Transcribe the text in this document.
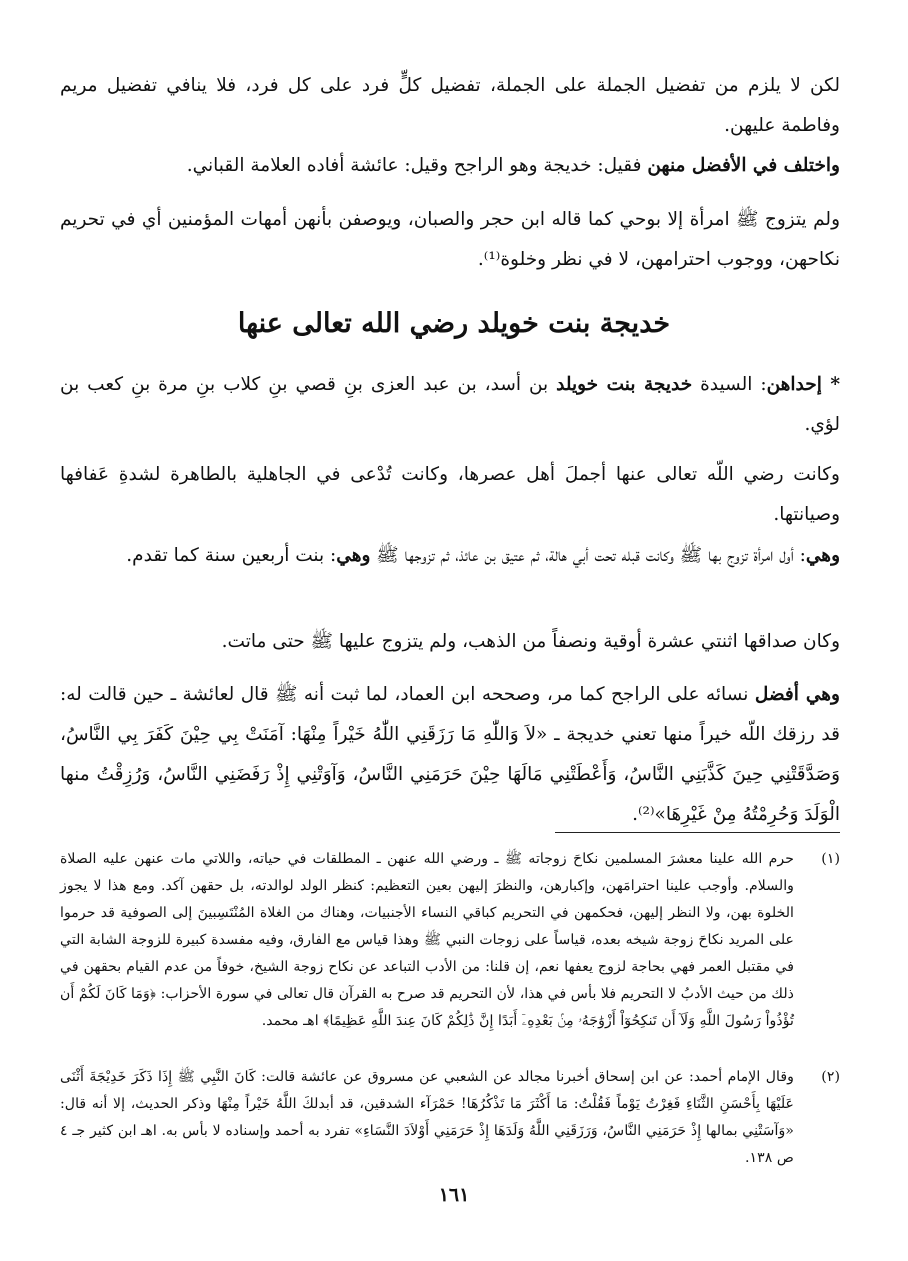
لكن لا يلزم من تفضيل الجملة على الجملة، تفضيل كلٍّ فرد على كل فرد، فلا ينافي تفضيل مريم وفاطمة عليهن.

واختلف في الأفضل منهن فقيل: خديجة وهو الراجح وقيل: عائشة أفاده العلامة القباني.

ولم يتزوج ﷺ امرأة إلا بوحي كما قاله ابن حجر والصبان، ويوصفن بأنهن أمهات المؤمنين أي في تحريم نكاحهن، ووجوب احترامهن، لا في نظر وخلوة⁽¹⁾.

خديجة بنت خويلد رضي الله تعالى عنها

* إحداهن: السيدة خديجة بنت خويلد بن أسد، بن عبد العزى بنِ قصي بنِ كلاب بنِ مرة بنِ كعب بن لؤي.

وكانت رضي اللّه تعالى عنها أجملَ أهل عصرها، وكانت تُدْعى في الجاهلية بالطاهرة لشدةِ عَفافها وصيانتها.

وهي: أول امرأة تزوج بها ﷺ وكانت قبله تحت أبي هالة، ثم عتيق بن عائذ، ثم تزوجها ﷺ وهي: بنت أربعين سنة كما تقدم.

وكان صداقها اثنتي عشرة أوقية ونصفاً من الذهب، ولم يتزوج عليها ﷺ حتى ماتت.

وهي أفضل نسائه على الراجح كما مر، وصححه ابن العماد، لما ثبت أنه ﷺ قال لعائشة ـ حين قالت له: قد رزقك اللّه خيراً منها تعني خديجة ـ «لاَ وَاللّٰهِ مَا رَزَقَنِي اللّٰهُ خَيْراً مِنْهَا: آمَنَتْ بِي حِيْنَ كَفَرَ بِي النَّاسُ، وَصَدَّقَتْنِي حِينَ كَذَّبَنِي النَّاسُ، وَأَعْطَتْنِي مَالَهَا حِيْنَ حَرَمَنِي النَّاسُ، وَآوَتْنِي إِذْ رَفَضَنِي النَّاسُ، وَرُزِقْتُ منها الْوَلَدَ وَحُرِمْتُهُ مِنْ غَيْرِهَا»⁽²⁾.

(١)
حرم الله علينا معشرَ المسلمين نكاحَ زوجاته ﷺ ـ ورضي الله عنهن ـ المطلقات في حياته، واللاتي مات عنهن عليه الصلاة والسلام. وأوجب علينا احترامَهن، وإكبارهن، والنظرَ إليهن بعين التعظيم: كنظر الولد لوالدته، بل حقهن آكد. ومع هذا لا يجوز الخلوة بهن، ولا النظر إليهن، فحكمهن في التحريم كباقي النساء الأجنبيات، وهناك من الغلاة المُنْتَسِبينَ إلى الصوفية قد حرموا على المريد نكاحَ زوجة شيخه بعده، قياساً على زوجات النبي ﷺ وهذا قياس مع الفارق، وفيه مفسدة كبيرة للزوجة الشابة التي في مقتبل العمر فهي بحاجة لزوج يعفها نعم، إن قلنا: من الأدب التباعد عن نكاح زوجة الشيخ، خوفاً من عدم القيام بحقهن في ذلك من حيث الأدبُ لا التحريم فلا بأس في هذا، لأن التحريم قد صرح به القرآن قال تعالى في سورة الأحزاب: ﴿وَمَا كَانَ لَكُمْ أَن تُؤْذُواْ رَسُولَ اللَّهِ وَلَآ أَن تَنكِحُوٓاْ أَزْوَٰجَهُۥ مِنۢ بَعْدِهِۦٓ أَبَدًا إِنَّ ذَٰلِكُمْ كَانَ عِندَ اللَّهِ عَظِيمًا﴾ اهـ محمد.
(٢)
وقال الإمام أحمد: عن ابن إسحاق أخبرنا مجالد عن الشعبي عن مسروق عن عائشة قالت: كَانَ النَّبِي ﷺ إِذَا ذَكَرَ خَدِيْجَةَ أَثْنَى عَلَيْهَا بِأَحْسَنِ الثَّنَاءِ فَغِرْتُ يَوْماً فَقُلْتُ: مَا أَكْثَرَ مَا تَذْكُرُهَا! حَمْرَآء الشدقين، قد أبدلكَ اللَّهُ خَيْراً مِنْهَا وذكر الحديث، إلا أنه قال: «وَآسَتْنِي بمالها إِذْ حَرَمَنِي النَّاسُ، وَرَزَقَنِي اللَّهُ وَلَدَهَا إِذْ حَرَمَنِي أَوْلاَدَ النَّسَاءِ» تفرد به أحمد وإسناده لا بأس به. اهـ ابن كثير جـ ٤ ص ١٣٨.
١٦١
